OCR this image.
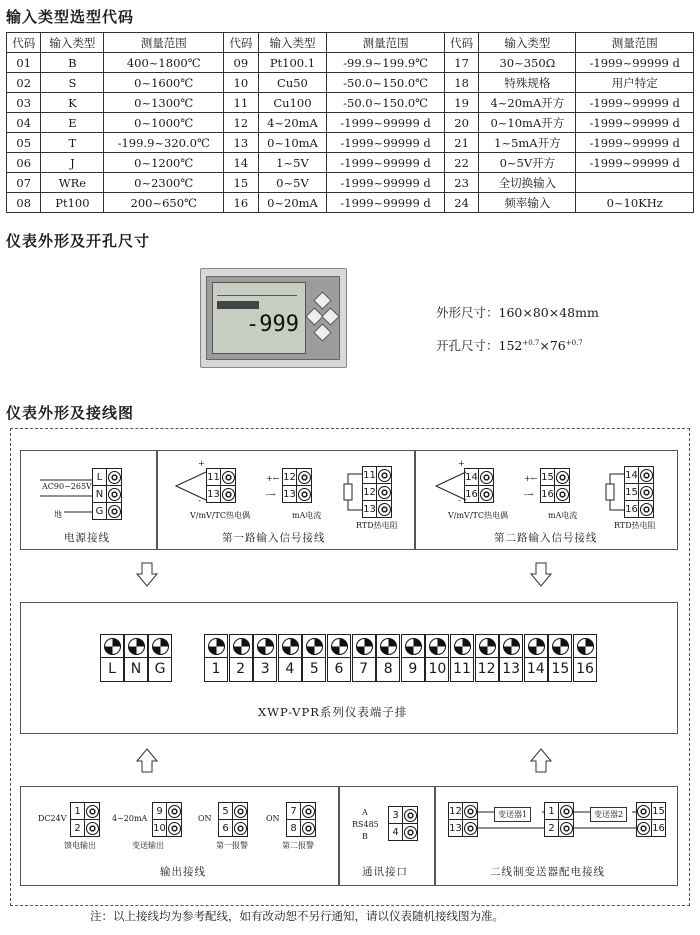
输入类型选型代码
代码	输入类型	测量范围	代码	输入类型	测量范围	代码	输入类型	测量范围
01	B	400~1800℃	09	Pt100.1	-99.9~199.9℃	17	30~350Ω	-1999~99999 d
02	S	0~1600℃	10	Cu50	-50.0~150.0℃	18	特殊规格	用户特定
03	K	0~1300℃	11	Cu100	-50.0~150.0℃	19	4~20mA开方	-1999~99999 d
04	E	0~1000℃	12	4~20mA	-1999~99999 d	20	0~10mA开方	-1999~99999 d
05	T	-199.9~320.0℃	13	0~10mA	-1999~99999 d	21	1~5mA开方	-1999~99999 d
06	J	0~1200℃	14	1~5V	-1999~99999 d	22	0~5V开方	-1999~99999 d
07	WRe	0~2300℃	15	0~5V	-1999~99999 d	23	全切换输入	
08	Pt100	200~650℃	16	0~20mA	-1999~99999 d	24	频率输入	0~10KHz
仪表外形及开孔尺寸
-999	外形尺寸：160×80×48mm
开孔尺寸：$152^{+0.7}\times 76^{+0.7}$
仪表外形及接线图
AC90~265V
地
L
N
G
电源接线
+
-
11
13
V/mV/TC热电偶
12
13
+←
-→
mA电流
11
12
13
RTD热电阻
第一路输入信号接线
+
-
14
16
V/mV/TC热电偶
15
16
+←
-→
mA电流
14
15
16
RTD热电阻
第二路输入信号接线
L	N G	1	2	3	4	5	6	7	8	9 10 11 12 13 14 15 16
XWP-VPR系列仪表端子排
DC24V
1
2
馈电输出
4~20mA
9
10
变送输出
ON
5
6
第一报警
ON
7
8
第二报警
输出接线
A
RS485
B
3
4
通讯接口
12
13
变送器1	1
2
变送器2	15
16
二线制变送器配电接线
注：以上接线均为参考配线，如有改动恕不另行通知，请以仪表随机接线图为准。
